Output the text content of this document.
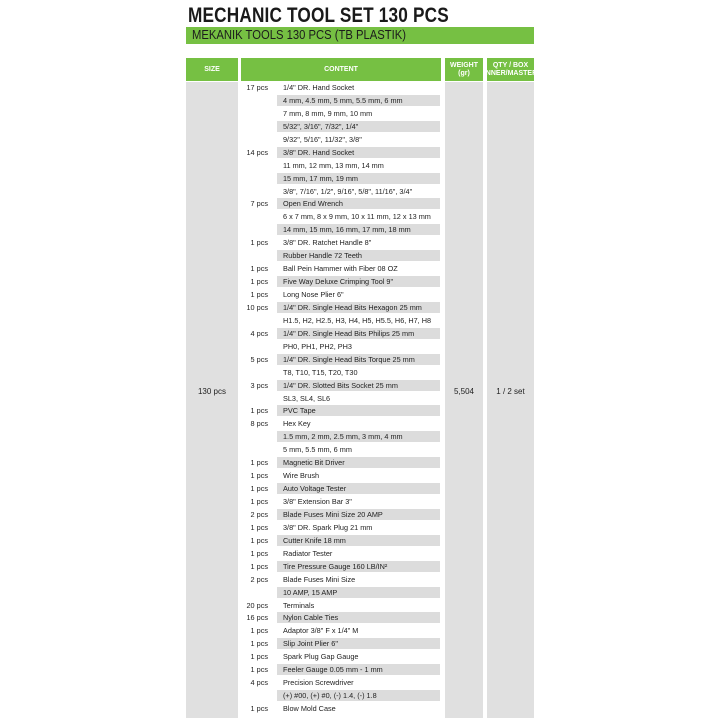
MECHANIC TOOL SET 130 PCS
MEKANIK TOOLS 130 PCS (TB PLASTIK)
SIZE	CONTENT
WEIGHT (gr)
QTY / BOX INNER/MASTER
130 pcs	5,504	1 / 2 set
17 pcs	1/4" DR. Hand Socket
4 mm, 4.5 mm, 5 mm, 5.5 mm, 6 mm
7 mm, 8 mm, 9 mm, 10 mm
5/32", 3/16", 7/32", 1/4"
9/32", 5/16", 11/32", 3/8"
14 pcs	3/8" DR. Hand Socket
11 mm, 12 mm, 13 mm, 14 mm
15 mm, 17 mm, 19 mm
3/8", 7/16", 1/2", 9/16", 5/8", 11/16", 3/4"
7 pcs	Open End Wrench
6 x 7 mm, 8 x 9 mm, 10 x 11 mm, 12 x 13 mm
14 mm, 15 mm, 16 mm, 17 mm, 18 mm
1 pcs	3/8" DR. Ratchet Handle 8"
Rubber Handle 72 Teeth
1 pcs	Ball Pein Hammer with Fiber 08 OZ
1 pcs	Five Way Deluxe Crimping Tool 9"
1 pcs	Long Nose Plier 6"
10 pcs	1/4" DR. Single Head Bits Hexagon 25 mm
H1.5, H2, H2.5, H3, H4, H5, H5.5, H6, H7, H8
4 pcs	1/4" DR. Single Head Bits Philips 25 mm
PH0, PH1, PH2, PH3
5 pcs	1/4" DR. Single Head Bits Torque 25 mm
T8, T10, T15, T20, T30
3 pcs	1/4" DR. Slotted Bits Socket 25 mm
SL3, SL4, SL6
1 pcs	PVC Tape
8 pcs	Hex Key
1.5 mm, 2 mm, 2.5 mm, 3 mm, 4 mm
5 mm, 5.5 mm, 6 mm
1 pcs	Magnetic Bit Driver
1 pcs	Wire Brush
1 pcs	Auto Voltage Tester
1 pcs	3/8" Extension Bar 3"
2 pcs	Blade Fuses Mini Size 20 AMP
1 pcs	3/8" DR. Spark Plug 21 mm
1 pcs	Cutter Knife 18 mm
1 pcs	Radiator Tester
1 pcs	Tire Pressure Gauge 160 LB/IN²
2 pcs	Blade Fuses Mini Size
10 AMP, 15 AMP
20 pcs	Terminals
16 pcs	Nylon Cable Ties
1 pcs	Adaptor 3/8" F x 1/4" M
1 pcs	Slip Joint Plier 6"
1 pcs	Spark Plug Gap Gauge
1 pcs	Feeler Gauge 0.05 mm - 1 mm
4 pcs	Precision Screwdriver
(+) #00, (+) #0, (-) 1.4, (-) 1.8
1 pcs	Blow Mold Case
